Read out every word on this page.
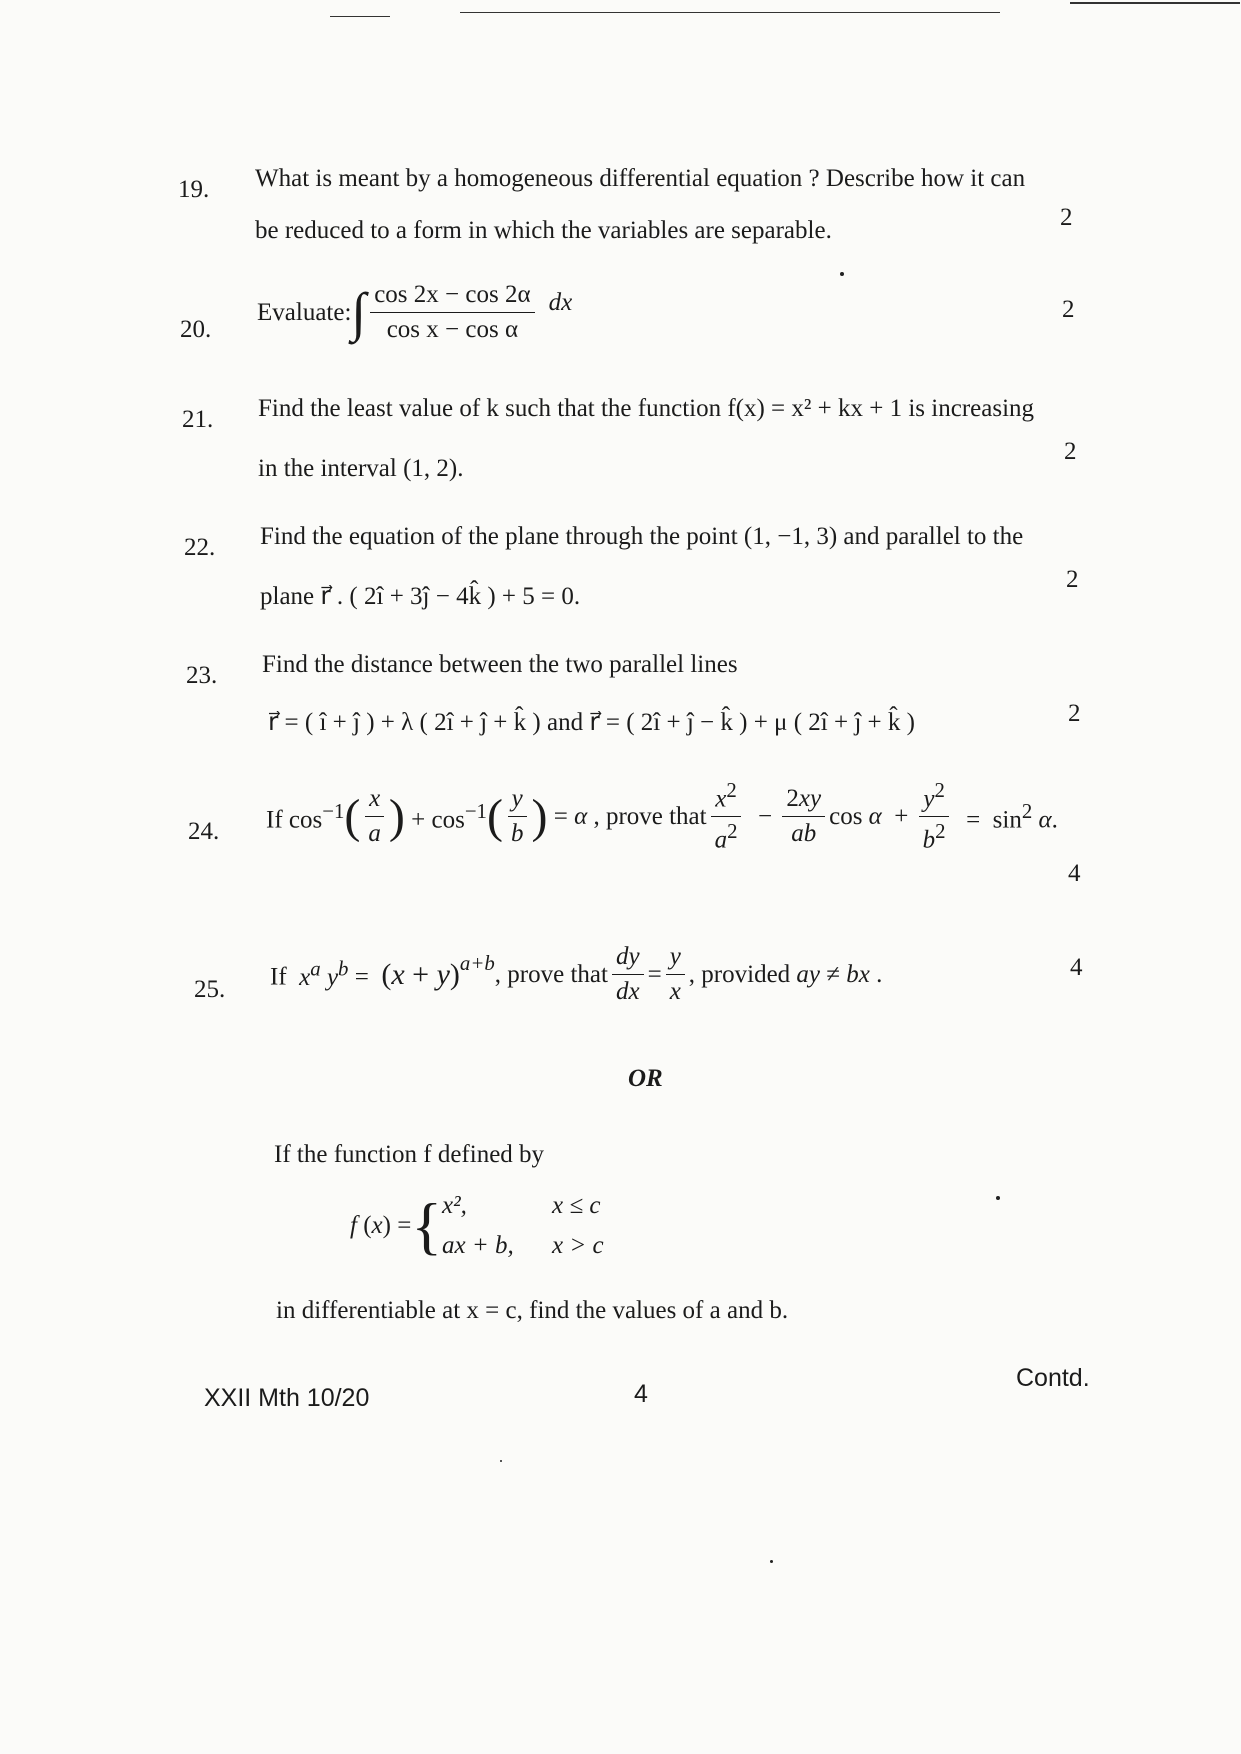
19. What is meant by a homogeneous differential equation ? Describe how it can
be reduced to a form in which the variables are separable.	2
20.
Evaluate: ∫ $\frac{\cos 2x - \cos 2\alpha}{\text{cos x − cos α}}$ dx	2
21. Find the least value of k such that the function f(x) = x² + kx + 1 is increasing
in the interval (1, 2).
2
22. Find the equation of the plane through the point (1, −1, 3) and parallel to the
plane r⃗ . ( 2î + 3ĵ − 4k̂ ) + 5 = 0.
2
23. Find the distance between the two parallel lines
r⃗ = ( î + ĵ ) + λ ( 2î + ĵ + k̂ ) and r⃗ = ( 2î + ĵ − k̂ ) + μ ( 2î + ĵ + k̂ )	2
24. If $\cos^{-1}$ ( $\frac{x}{a}$ ) + $\cos^{-1}$ ( $\frac{y}{b}$ ) = α , prove that $\frac{x^2}{a^2} - \frac{2xy}{ab}$ $\cos \alpha + \frac{y^2}{b^2} = \sin^2 \alpha$.
4
25. If  $x^a$ $y^b = (x + y)$ $^{a+b}$ , prove that $\frac{dy}{dx} = \frac{y}{x}$ , provided ay ≠ bx .	4
OR
If the function f defined by
f (x) = { x²,	x ≤ c
ax + b,	x > c
in differentiable at x = c, find the values of a and b.
XXII Mth 10/20	4
Contd.
